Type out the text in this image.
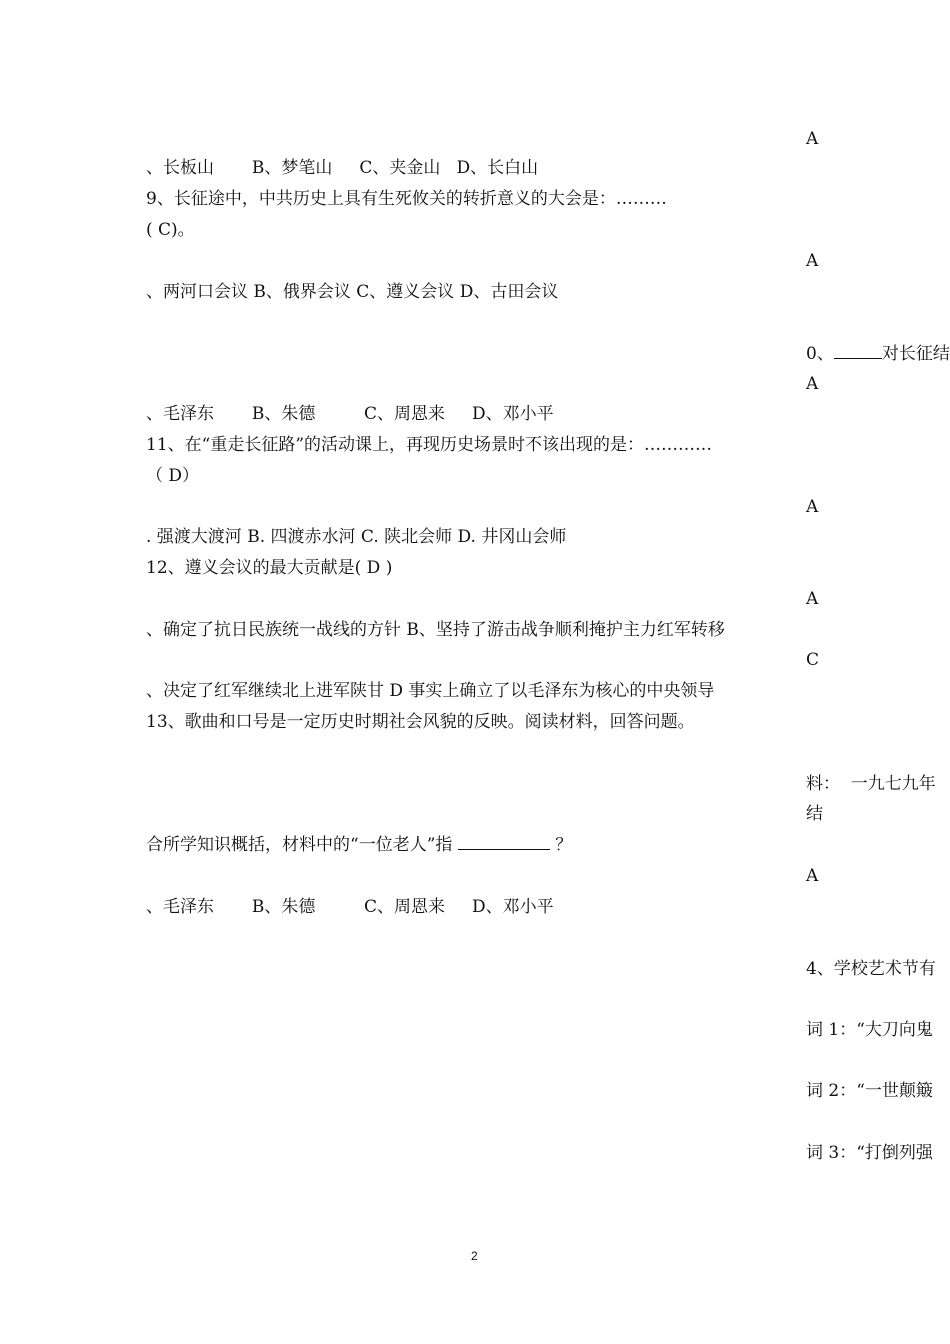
、长板山       B、梦笔山     C、夹金山   D、长白山
9、长征途中，中共历史上具有生死攸关的转折意义的大会是：………
( C)。
、两河口会议 B、俄界会议 C、遵义会议 D、古田会议
、毛泽东       B、朱德         C、周恩来     D、邓小平
11、在“重走长征路”的活动课上，再现历史场景时不该出现的是：…………
（ D）
. 强渡大渡河 B. 四渡赤水河 C. 陕北会师 D. 井冈山会师
12、遵义会议的最大贡献是( D )
、确定了抗日民族统一战线的方针 B、坚持了游击战争顺利掩护主力红军转移
、决定了红军继续北上进军陕甘 D 事实上确立了以毛泽东为核心的中央领导
13、歌曲和口号是一定历史时期社会风貌的反映。阅读材料，回答问题。
合所学知识概括，材料中的“一位老人”指	？
、毛泽东       B、朱德         C、周恩来     D、邓小平
A
A
0、	对长征结
A
A
A
C
料：  一九七九年
结
A
4、学校艺术节有
词 1：“大刀向鬼
词 2：“一世颠簸
词 3：“打倒列强
2
